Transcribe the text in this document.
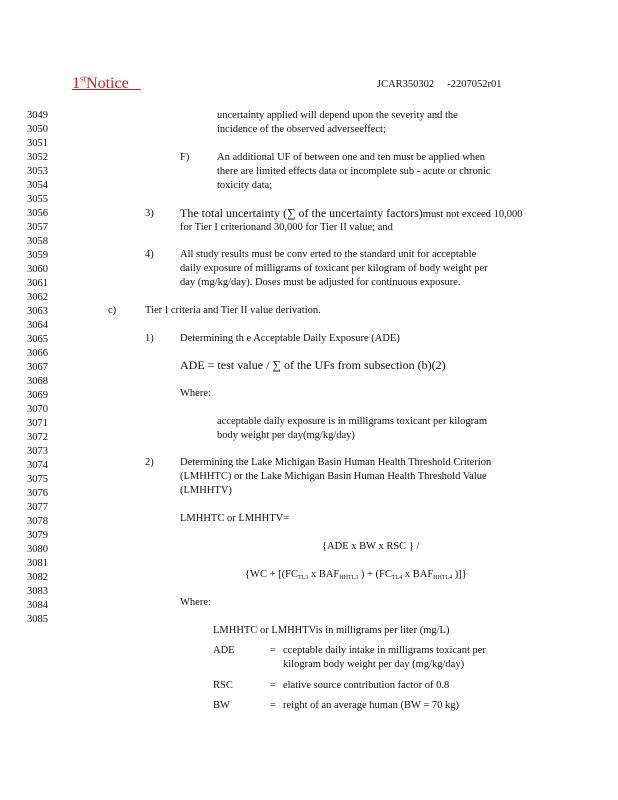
1stNotice	JCAR350302     -2207052r01
3049
3050
3051
3052
3053
3054
3055
3056
3057
3058
3059
3060
3061
3062
3063
3064
3065
3066
3067
3068
3069
3070
3071
3072
3073
3074
3075
3076
3077
3078
3079
3080
3081
3082
3083
3084
3085
uncertainty applied will depend upon the severity and the
incidence of the observed adverseeffect;
F)	An additional UF of between one and ten must be applied when
there are limited effects data or incomplete sub - acute or chronic
toxicity data;
3) The total uncertainty (∑ of the uncertainty factors)must not exceed 10,000
for Tier I criterionand 30,000 for Tier II value; and
4)	All study results must be conv erted to the standard unit for acceptable
daily exposure of milligrams of toxicant per kilogram of body weight per
day (mg/kg/day). Doses must be adjusted for continuous exposure.
c)	Tier I criteria and Tier II value derivation.
1)	Determining th e Acceptable Daily Exposure (ADE)
ADE = test value / ∑ of the UFs from subsection (b)(2)
Where:
acceptable daily exposure is in milligrams toxicant per kilogram
body weight per day(mg/kg/day)
2)	Determining the Lake Michigan Basin Human Health Threshold Criterion
(LMHHTC) or the Lake Michigan Basin Human Health Threshold Value
(LMHHTV)
LMHHTC or LMHHTV=
{ADE x BW x RSC } /
{$WC + [(FC_{TL3}$ x $BAF_{HHTL3}$ ) + ($FC_{TL4}$ x $BAF_{HHTL4}$ )]}
Where:
LMHHTC or LMHHTVis in milligrams per liter (mg/L)
ADE	= cceptable daily intake in milligrams toxicant per
kilogram body weight per day (mg/kg/day)
RSC	= elative source contribution factor of 0.8
BW	= reight of an average human (BW = 70 kg)
